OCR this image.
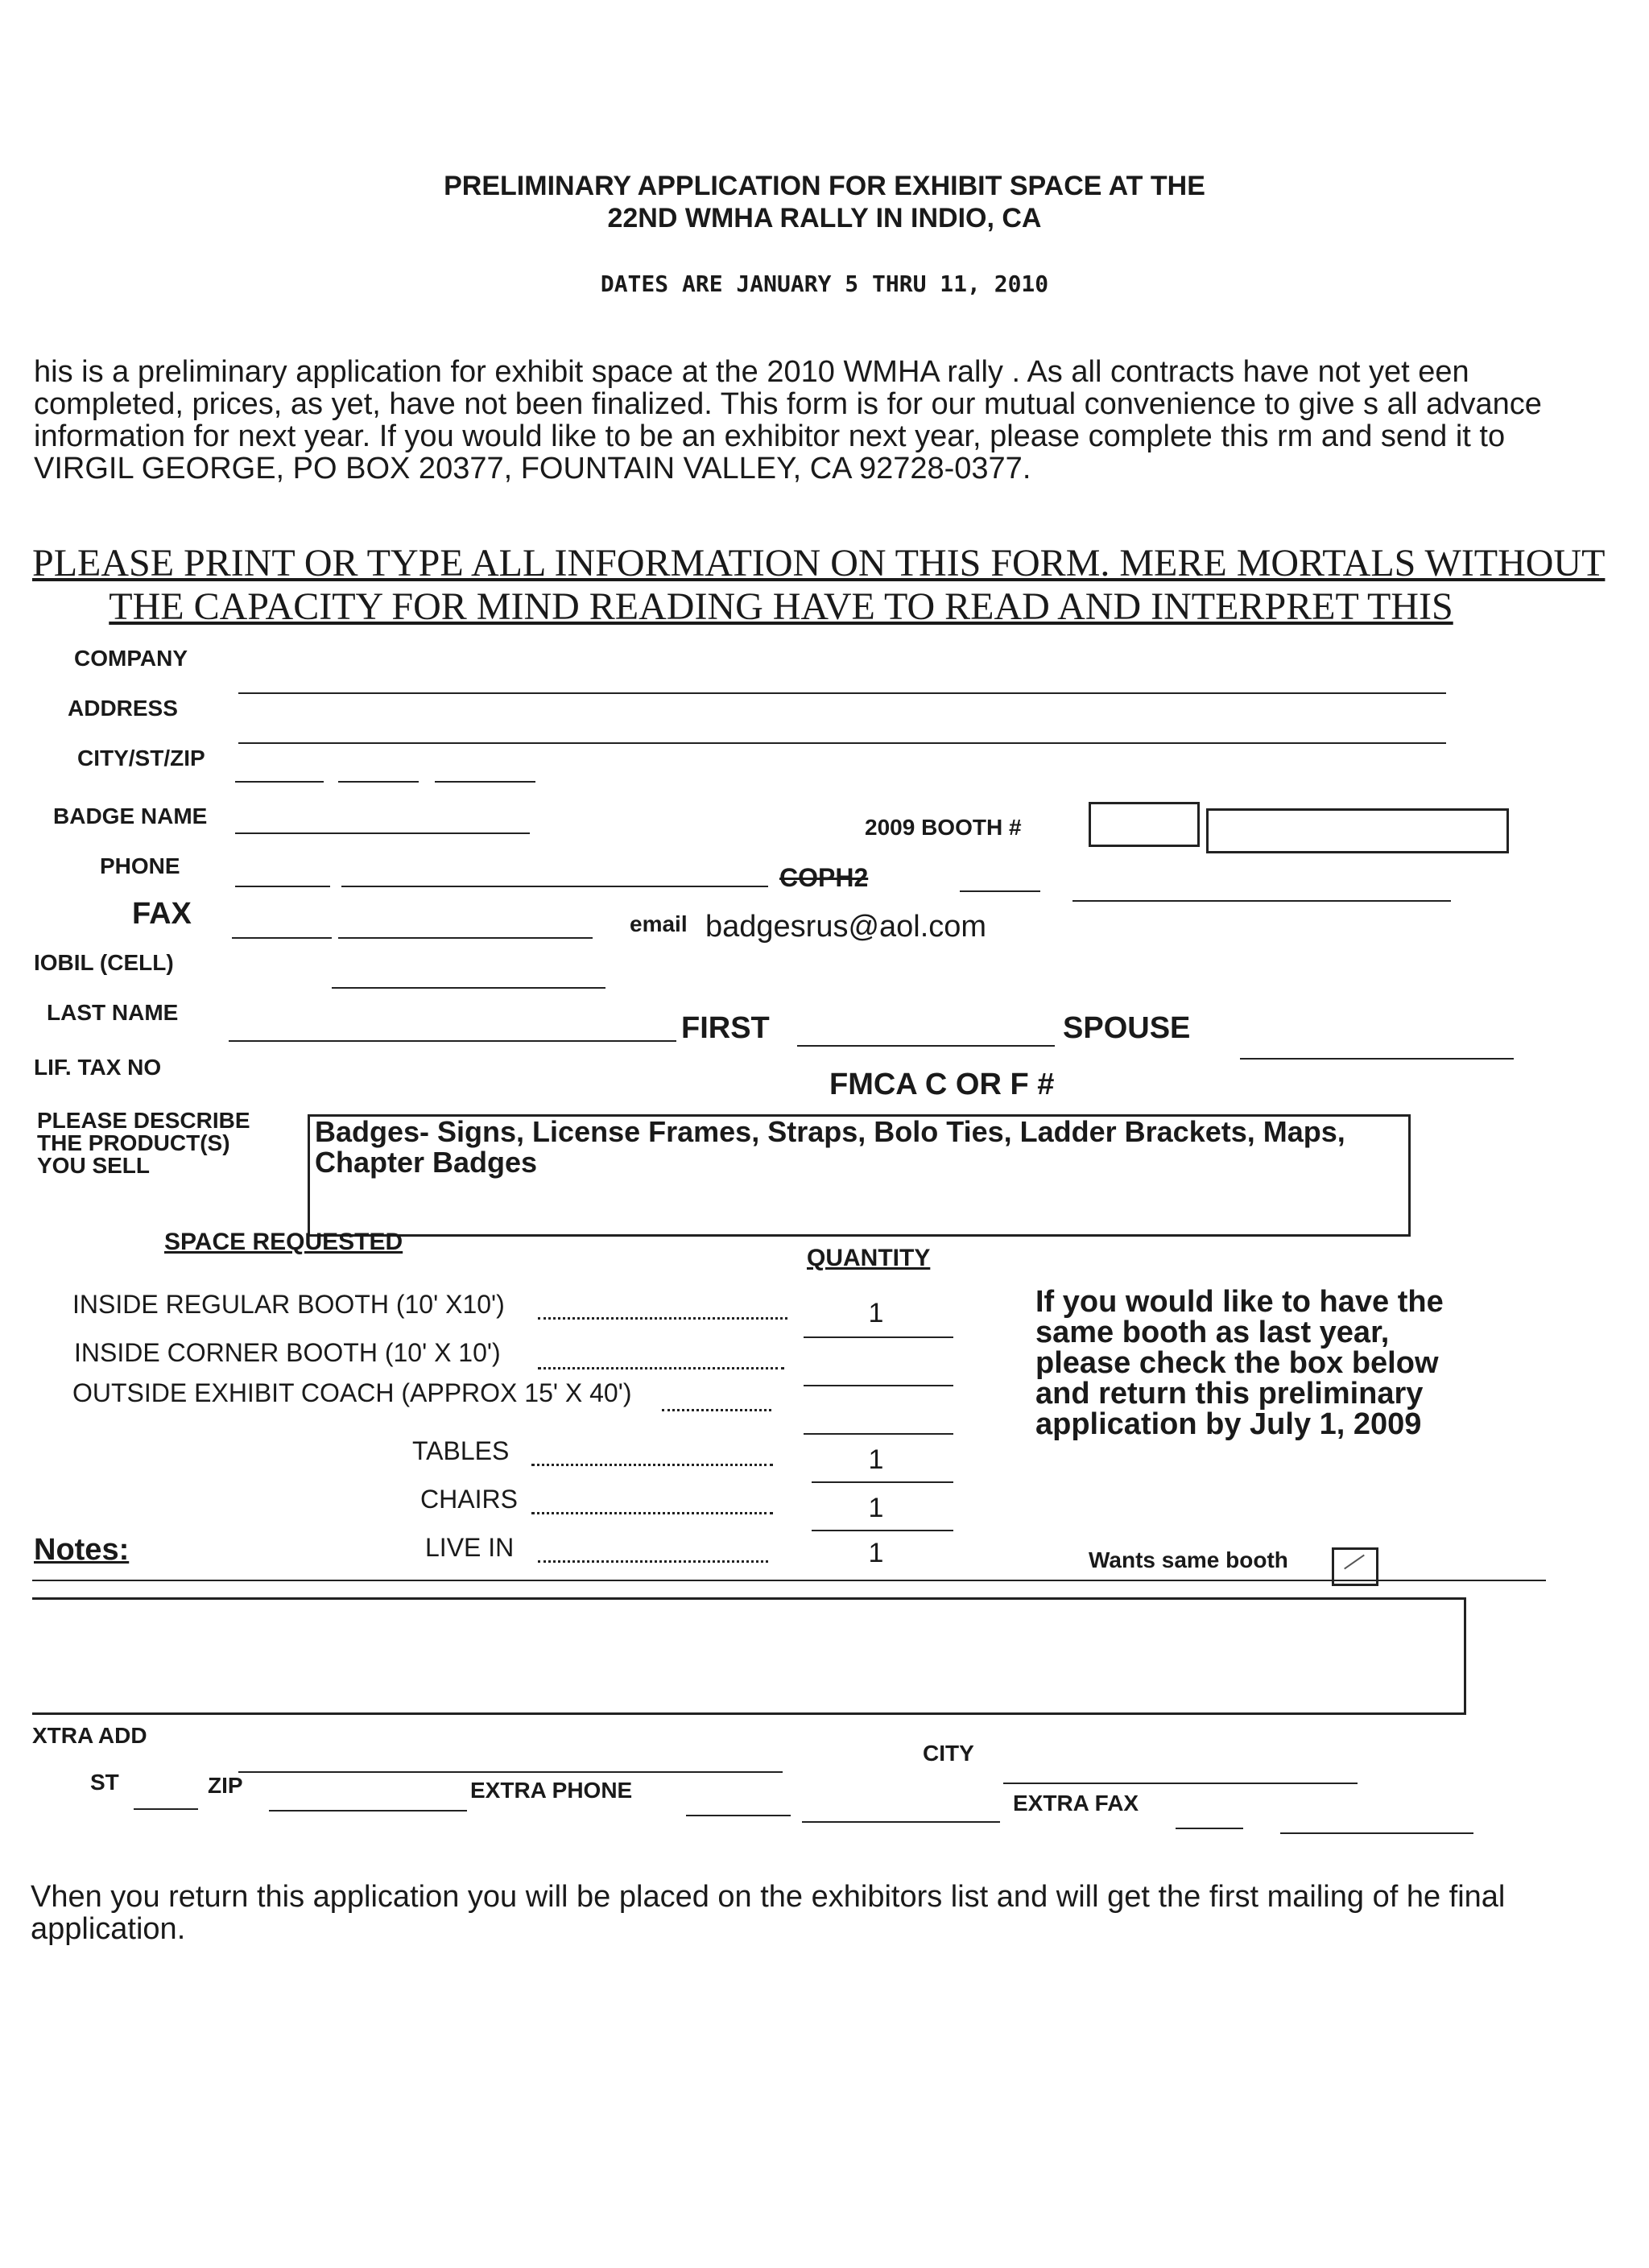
PRELIMINARY APPLICATION FOR EXHIBIT SPACE AT THE
22ND WMHA RALLY IN INDIO, CA
DATES ARE JANUARY 5 THRU 11, 2010
his is a preliminary application for exhibit space at the 2010 WMHA rally . As all contracts have not yet een completed, prices, as yet, have not been finalized. This form is for our mutual convenience to give s all advance information for next year. If you would like to be an exhibitor next year, please complete this rm and send it to VIRGIL GEORGE, PO BOX 20377, FOUNTAIN VALLEY, CA 92728-0377.
PLEASE PRINT OR TYPE ALL INFORMATION ON THIS FORM. MERE MORTALS WITHOUT
THE CAPACITY FOR MIND READING HAVE TO READ AND INTERPRET THIS
COMPANY
ADDRESS
CITY/ST/ZIP
BADGE NAME	2009 BOOTH #
PHONE	COPH2
FAX	email badgesrus@aol.com
IOBIL (CELL)
LAST NAME	FIRST	SPOUSE
LIF. TAX NO
FMCA C OR F #
PLEASE DESCRIBE THE PRODUCT(S) YOU SELL
Badges- Signs, License Frames, Straps, Bolo Ties, Ladder Brackets, Maps, Chapter Badges
SPACE REQUESTED
QUANTITY
INSIDE REGULAR BOOTH (10' X10')	1
INSIDE CORNER BOOTH (10' X 10')
OUTSIDE EXHIBIT COACH (APPROX 15' X 40')
TABLES	1
CHAIRS	1
LIVE IN	1
If you would like to have the same booth as last year, please check the box below and return this preliminary application by July 1, 2009
Notes:	Wants same booth
XTRA ADD
CITY
ST	ZIP	EXTRA PHONE
EXTRA FAX
Vhen you return this application you will be placed on the exhibitors list and will get the first mailing of he final application.
